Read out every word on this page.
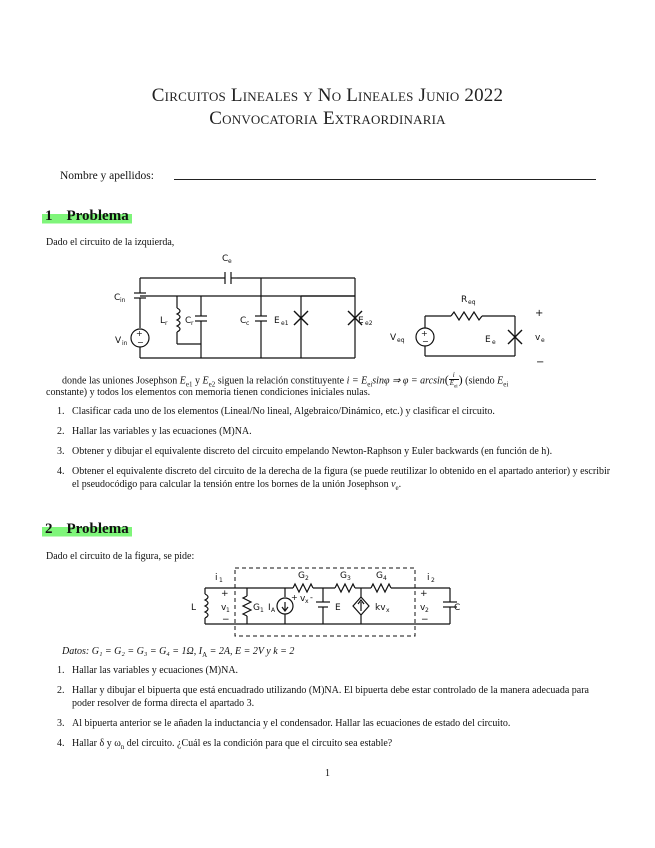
Circuitos Lineales y No Lineales Junio 2022
Convocatoria Extraordinaria
Nombre y apellidos:
1 Problema
Dado el circuito de la izquierda,
+
−
C e
C in
L r C r	C c	E e1	E e2
V in
+
−
R eq
V eq	E e	v e
+
−
donde las uniones Josephson $E_{e1}$ y $E_{e2}$ siguen la relación constituyente $i = E_{ei}\sin\varphi$ ⇒ φ = arcsin( i
$E_{ei}$) (siendo $E_{ei}$
constante) y todos los elementos con memoria tienen condiciones iniciales nulas.
1. Clasificar cada uno de los elementos (Lineal/No lineal, Algebraico/Dinámico, etc.) y clasificar el circuito.
2. Hallar las variables y las ecuaciones (M)NA.
3. Obtener y dibujar el equivalente discreto del circuito empelando Newton-Raphson y Euler backwards (en función de h).
4. Obtener el equivalente discreto del circuito de la derecha de la figura (se puede reutilizar lo obtenido en el apartado anterior) y escribir el pseudocódigo para calcular la tensión entre los bornes de la unión Josephson $v_e$.
2 Problema
Dado el circuito de la figura, se pide:
i 1	i 2
L
+
v 1
−
G 1 I A
G 2
+ v x -
G 3	G 4
E	kv x
+
v 2
−
C
Datos: G₁ = G₂ = G₃ = G₄ = 1Ω, $I_A = 2A$, E = 2V y k = 2
1. Hallar las variables y ecuaciones (M)NA.
2. Hallar y dibujar el bipuerta que está encuadrado utilizando (M)NA. El bipuerta debe estar controlado de la manera adecuada para poder resolver de forma directa el apartado 3.
3. Al bipuerta anterior se le añaden la inductancia y el condensador. Hallar las ecuaciones de estado del circuito.
4. Hallar δ y $\omega_n$ del circuito. ¿Cuál es la condición para que el circuito sea estable?
1
